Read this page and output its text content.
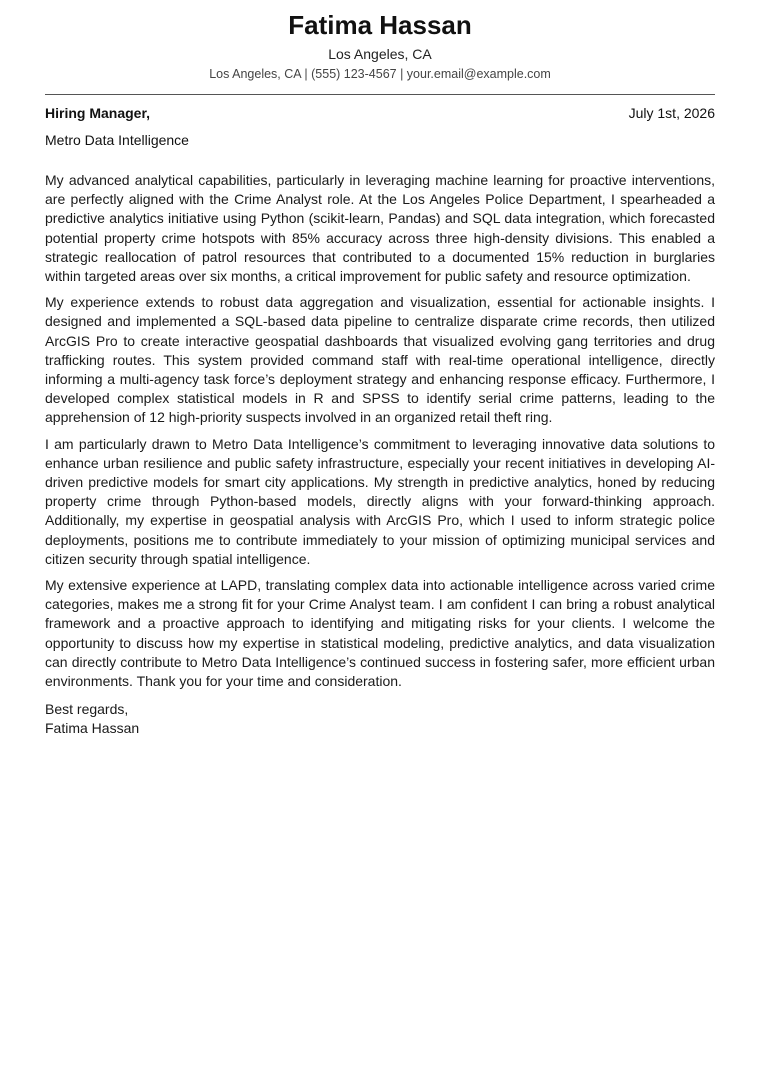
Fatima Hassan
Los Angeles, CA
Los Angeles, CA | (555) 123-4567 | your.email@example.com
Hiring Manager,	July 1st, 2026
Metro Data Intelligence

My advanced analytical capabilities, particularly in leveraging machine learning for proactive interventions, are perfectly aligned with the Crime Analyst role. At the Los Angeles Police Department, I spearheaded a predictive analytics initiative using Python (scikit-learn, Pandas) and SQL data integration, which forecasted potential property crime hotspots with 85% accuracy across three high-density divisions. This enabled a strategic reallocation of patrol resources that contributed to a documented 15% reduction in burglaries within targeted areas over six months, a critical improvement for public safety and resource optimization.

My experience extends to robust data aggregation and visualization, essential for actionable insights. I designed and implemented a SQL-based data pipeline to centralize disparate crime records, then utilized ArcGIS Pro to create interactive geospatial dashboards that visualized evolving gang territories and drug trafficking routes. This system provided command staff with real-time operational intelligence, directly informing a multi-agency task force’s deployment strategy and enhancing response efficacy. Furthermore, I developed complex statistical models in R and SPSS to identify serial crime patterns, leading to the apprehension of 12 high-priority suspects involved in an organized retail theft ring.

I am particularly drawn to Metro Data Intelligence’s commitment to leveraging innovative data solutions to enhance urban resilience and public safety infrastructure, especially your recent initiatives in developing AI-driven predictive models for smart city applications. My strength in predictive analytics, honed by reducing property crime through Python-based models, directly aligns with your forward-thinking approach. Additionally, my expertise in geospatial analysis with ArcGIS Pro, which I used to inform strategic police deployments, positions me to contribute immediately to your mission of optimizing municipal services and citizen security through spatial intelligence.

My extensive experience at LAPD, translating complex data into actionable intelligence across varied crime categories, makes me a strong fit for your Crime Analyst team. I am confident I can bring a robust analytical framework and a proactive approach to identifying and mitigating risks for your clients. I welcome the opportunity to discuss how my expertise in statistical modeling, predictive analytics, and data visualization can directly contribute to Metro Data Intelligence’s continued success in fostering safer, more efficient urban environments. Thank you for your time and consideration.

Best regards,
Fatima Hassan
